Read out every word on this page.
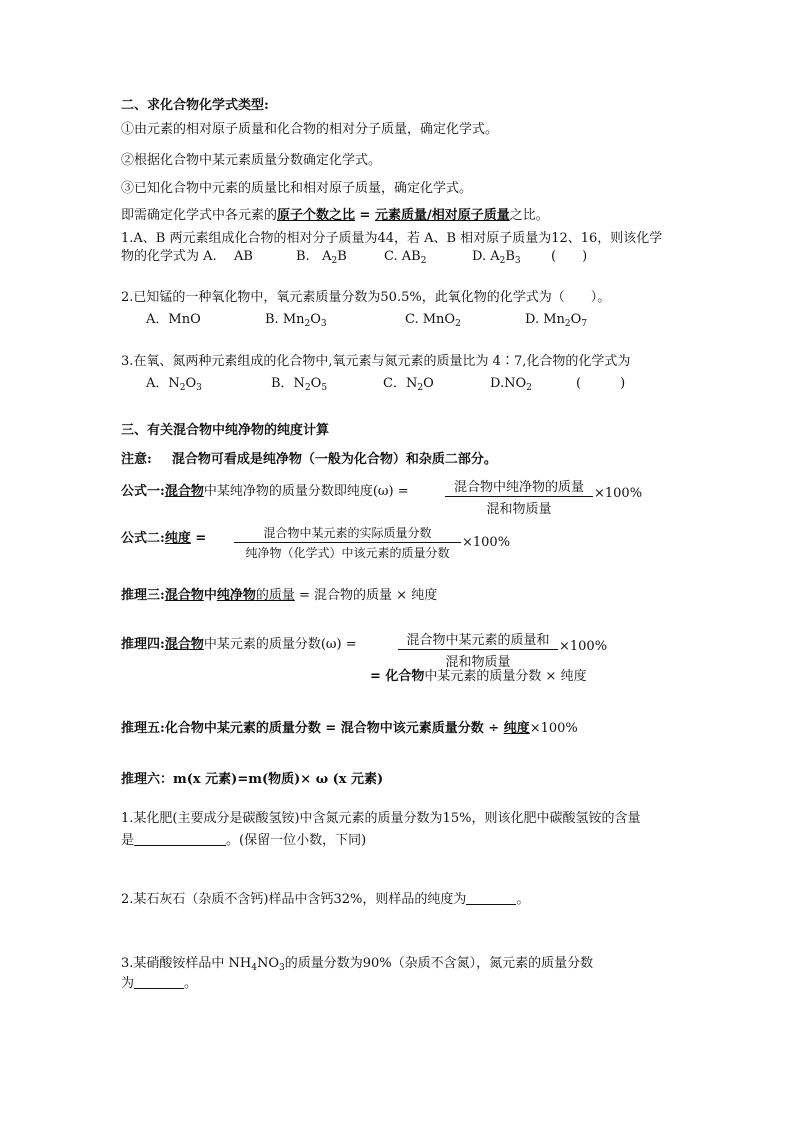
二、求化合物化学式类型:
①由元素的相对原子质量和化合物的相对分子质量，确定化学式。
②根据化合物中某元素质量分数确定化学式。
③已知化合物中元素的质量比和相对原子质量，确定化学式。
即需确定化学式中各元素的原子个数之比 = 元素质量/相对原子质量之比。
1.A、B 两元素组成化合物的相对分子质量为44，若 A、B 相对原子质量为12、16，则该化学
物的化学式为 A. AB	B.   $A_2B$	C. $AB_2$	D. $A_2B_3$ (　　)
2.已知锰的一种氧化物中，氧元素质量分数为50.5%，此氧化物的化学式为（　　）。
A．MnO	B. $Mn_2O_3$	C. MnO$_2$	D. $Mn_2O_7$
3.在氧、氮两种元素组成的化合物中,氧元素与氮元素的质量比为 4∶7,化合物的化学式为
A．$N_2O_3$	B．$N_2O_5$	C．$N_2O$	$D.NO_2$	(　　　)
三、有关混合物中纯净物的纯度计算
注意: 混合物可看成是纯净物（一般为化合物）和杂质二部分。
公式一:混合物中某纯净物的质量分数即纯度(ω) =	混合物中纯净物的质量
混和物质量
×100%
公式二:纯度 =	混合物中某元素的实际质量分数
纯净物（化学式）中该元素的质量分数
×100%
推理三:混合物中纯净物的质量 = 混合物的质量 × 纯度
推理四:混合物中某元素的质量分数(ω) =	混合物中某元素的质量和
混和物质量
×100%
= 化合物中某元素的质量分数 × 纯度
推理五:化合物中某元素的质量分数 = 混合物中该元素质量分数 ÷ 纯度×100%
推理六：m(x 元素)=m(物质)× ω (x 元素)
1.某化肥(主要成分是碳酸氢铵)中含氮元素的质量分数为15%，则该化肥中碳酸氢铵的含量
是	。(保留一位小数，下同)
2.某石灰石（杂质不含钙)样品中含钙32%，则样品的纯度为	。
3.某硝酸铵样品中 $NH_4NO_3$的质量分数为90%（杂质不含氮），氮元素的质量分数
为	。
